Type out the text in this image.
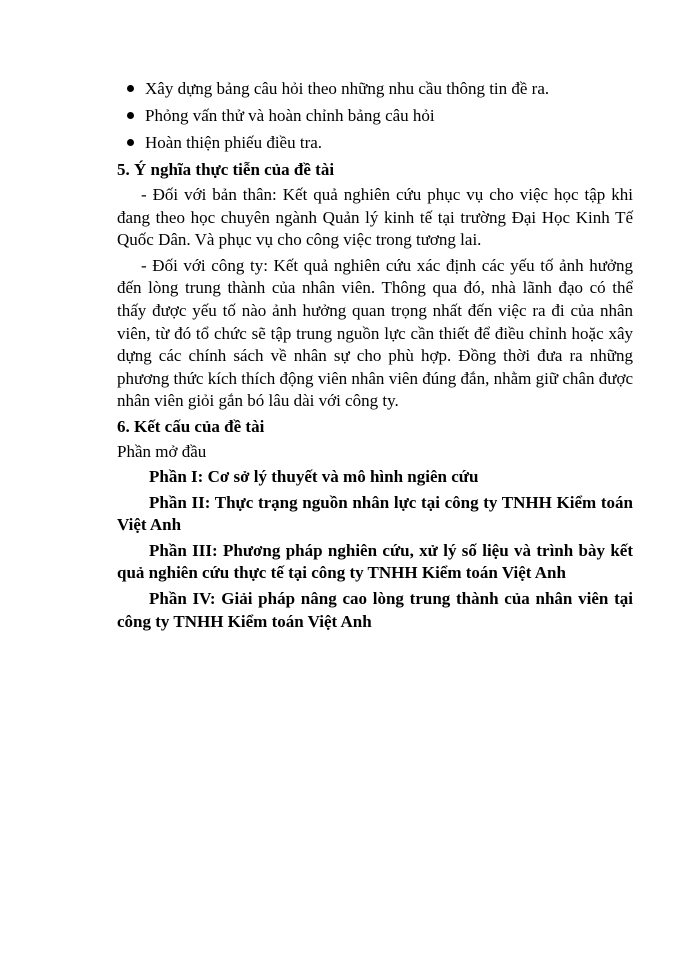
Xây dựng bảng câu hỏi theo những nhu cầu thông tin đề ra.
Phỏng vấn thử và hoàn chỉnh bảng câu hỏi
Hoàn thiện phiếu điều tra.

5. Ý nghĩa thực tiễn của đề tài

- Đối với bản thân: Kết quả nghiên cứu phục vụ cho việc học tập khi đang theo học chuyên ngành Quản lý kinh tế tại trường Đại Học Kinh Tế Quốc Dân. Và phục vụ cho công việc trong tương lai.

- Đối với công ty: Kết quả nghiên cứu xác định các yếu tố ảnh hưởng đến lòng trung thành của nhân viên. Thông qua đó, nhà lãnh đạo có thể thấy được yếu tố nào ảnh hưởng quan trọng nhất đến việc ra đi của nhân viên, từ đó tổ chức sẽ tập trung nguồn lực cần thiết để điều chỉnh hoặc xây dựng các chính sách về nhân sự cho phù hợp. Đồng thời đưa ra những phương thức kích thích động viên nhân viên đúng đắn, nhằm giữ chân được nhân viên giỏi gắn bó lâu dài với công ty.

6. Kết cấu của đề tài

Phần mở đầu

Phần I: Cơ sở lý thuyết và mô hình ngiên cứu

Phần II: Thực trạng nguồn nhân lực tại công ty TNHH Kiểm toán Việt Anh

Phần III: Phương pháp nghiên cứu, xử lý số liệu và trình bày kết quả nghiên cứu thực tế tại công ty TNHH Kiểm toán Việt Anh

Phần IV: Giải pháp nâng cao lòng trung thành của nhân viên tại công ty TNHH Kiểm toán Việt Anh
